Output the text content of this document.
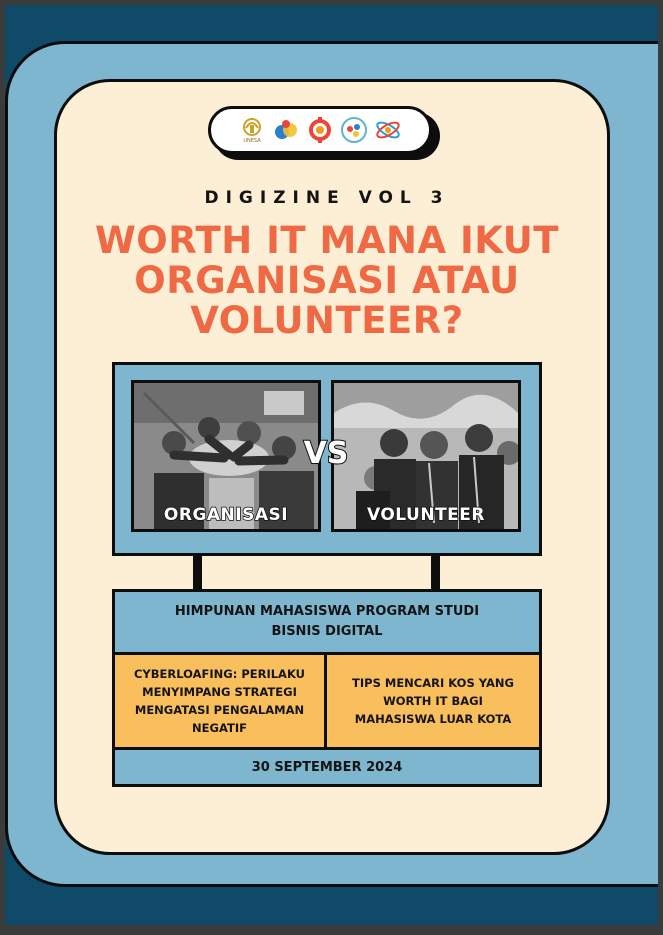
UNESA
DIGIZINE VOL 3
WORTH IT MANA IKUT ORGANISASI ATAU VOLUNTEER?
ORGANISASI	VOLUNTEER
VS
HIMPUNAN MAHASISWA PROGRAM STUDI
BISNIS DIGITAL
CYBERLOAFING: PERILAKU
MENYIMPANG STRATEGI
MENGATASI PENGALAMAN
NEGATIF
TIPS MENCARI KOS YANG
WORTH IT BAGI
MAHASISWA LUAR KOTA
30 SEPTEMBER 2024
